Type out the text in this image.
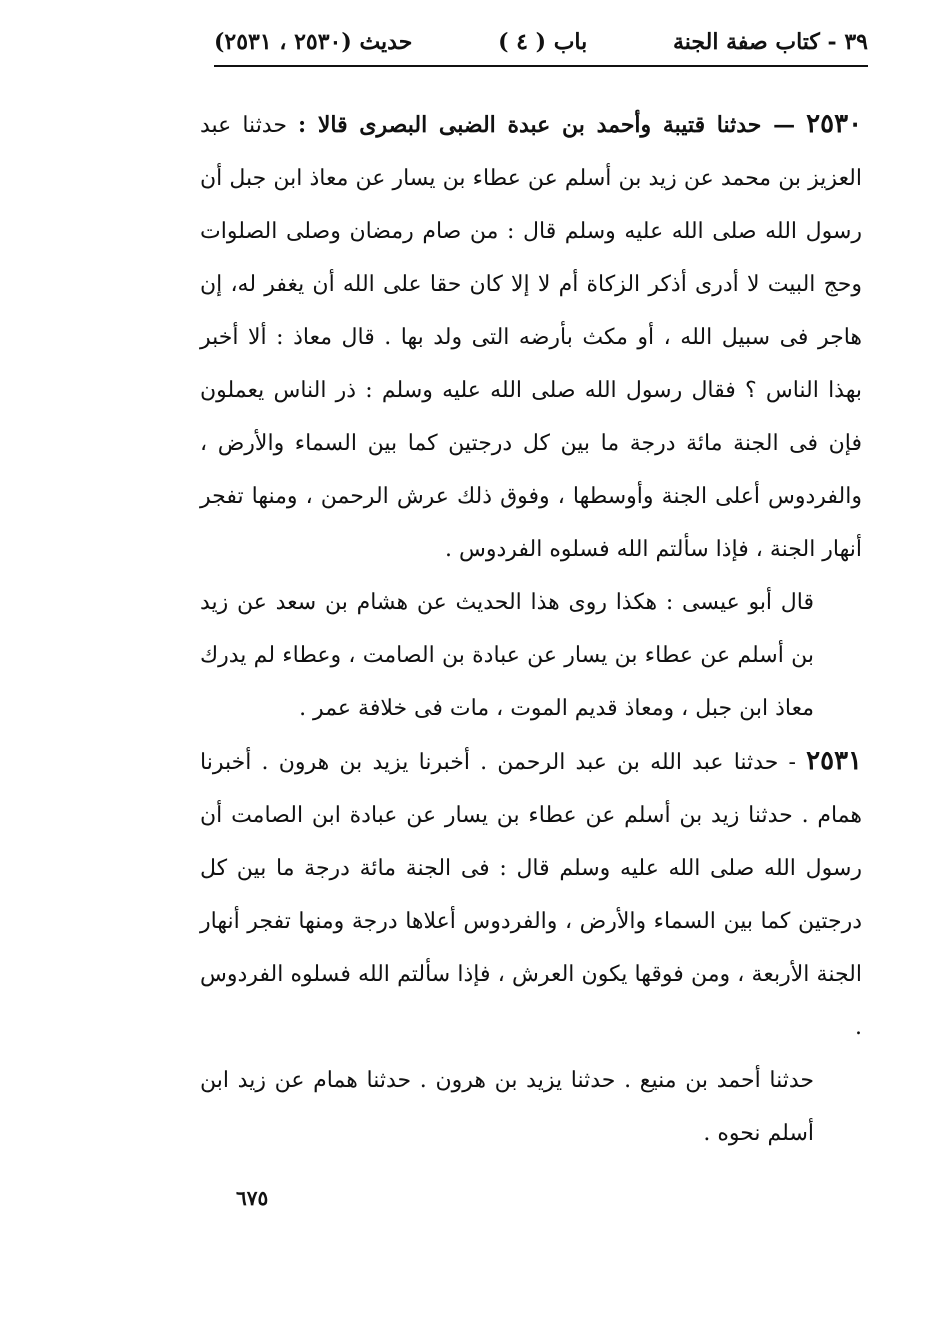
٣٩ - كتاب صفة الجنة
( ٤ ) باب
(٢٥٣٠ ، ٢٥٣١) حديث

٢٥٣٠ — حدثنا قتيبة وأحمد بن عبدة الضبى البصرى قالا : حدثنا عبد العزيز بن محمد عن زيد بن أسلم عن عطاء بن يسار عن معاذ ابن جبل أن رسول الله صلى الله عليه وسلم قال : من صام رمضان وصلى الصلوات وحج البيت لا أدرى أذكر الزكاة أم لا إلا كان حقا على الله أن يغفر له، إن هاجر فى سبيل الله ، أو مكث بأرضه التى ولد بها . قال معاذ : ألا أخبر بهذا الناس ؟ فقال رسول الله صلى الله عليه وسلم : ذر الناس يعملون فإن فى الجنة مائة درجة ما بين كل درجتين كما بين السماء والأرض ، والفردوس أعلى الجنة وأوسطها ، وفوق ذلك عرش الرحمن ، ومنها تفجر أنهار الجنة ، فإذا سألتم الله فسلوه الفردوس .

قال أبو عيسى : هكذا روى هذا الحديث عن هشام بن سعد عن زيد بن أسلم عن عطاء بن يسار عن عبادة بن الصامت ، وعطاء لم يدرك معاذ ابن جبل ، ومعاذ قديم الموت ، مات فى خلافة عمر .

٢٥٣١ - حدثنا عبد الله بن عبد الرحمن . أخبرنا يزيد بن هرون . أخبرنا همام . حدثنا زيد بن أسلم عن عطاء بن يسار عن عبادة ابن الصامت أن رسول الله صلى الله عليه وسلم قال : فى الجنة مائة درجة ما بين كل درجتين كما بين السماء والأرض ، والفردوس أعلاها درجة ومنها تفجر أنهار الجنة الأربعة ، ومن فوقها يكون العرش ، فإذا سألتم الله فسلوه الفردوس .

حدثنا أحمد بن منيع . حدثنا يزيد بن هرون . حدثنا همام عن زيد ابن أسلم نحوه .

٦٧٥
